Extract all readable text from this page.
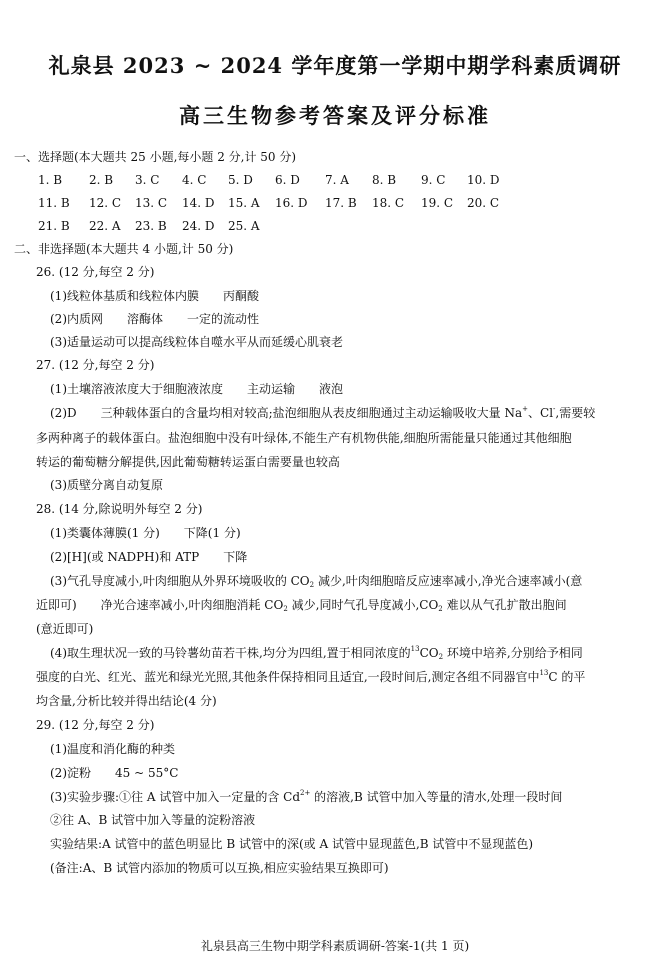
礼泉县 2023 ~ 2024 学年度第一学期中期学科素质调研
高三生物参考答案及评分标准
一、选择题(本大题共 25 小题,每小题 2 分,计 50 分)
1. B 2. B 3. C 4. C 5. D 6. D 7. A 8. B 9. C 10. D
11. B 12. C 13. C 14. D 15. A 16. D 17. B 18. C 19. C 20. C
21. B 22. A 23. B 24. D 25. A
二、非选择题(本大题共 4 小题,计 50 分)
26. (12 分,每空 2 分)
(1)线粒体基质和线粒体内膜　　丙酮酸
(2)内质网　　溶酶体　　一定的流动性
(3)适量运动可以提高线粒体自噬水平从而延缓心肌衰老
27. (12 分,每空 2 分)
(1)土壤溶液浓度大于细胞液浓度　　主动运输　　液泡
(2)D　　三种载体蛋白的含量均相对较高;盐泡细胞从表皮细胞通过主动运输吸收大量 Na+、Cl-,需要较
多两种离子的载体蛋白。盐泡细胞中没有叶绿体,不能生产有机物供能,细胞所需能量只能通过其他细胞
转运的葡萄糖分解提供,因此葡萄糖转运蛋白需要量也较高
(3)质壁分离自动复原
28. (14 分,除说明外每空 2 分)
(1)类囊体薄膜(1 分)　　下降(1 分)
(2)[H](或 NADPH)和 ATP　　下降
(3)气孔导度减小,叶肉细胞从外界环境吸收的 $CO_2$ 减少,叶肉细胞暗反应速率减小,净光合速率减小(意
近即可)　　净光合速率减小,叶肉细胞消耗 $CO_2$ 减少,同时气孔导度减小$,CO_2$ 难以从气孔扩散出胞间
(意近即可)
(4)取生理状况一致的马铃薯幼苗若干株,均分为四组,置于相同浓度的$^{13}CO_2$ 环境中培养,分别给予相同
强度的白光、红光、蓝光和绿光光照,其他条件保持相同且适宜,一段时间后,测定各组不同器官中$^{13}$C 的平
均含量,分析比较并得出结论(4 分)
29. (12 分,每空 2 分)
(1)温度和消化酶的种类
(2)淀粉　　45 ~ 55°C
(3)实验步骤:①往 A 试管中加入一定量的含 $Cd^{2+}$ 的溶液,B 试管中加入等量的清水,处理一段时间
②往 A、B 试管中加入等量的淀粉溶液
实验结果:A 试管中的蓝色明显比 B 试管中的深(或 A 试管中显现蓝色,B 试管中不显现蓝色)
(备注:A、B 试管内添加的物质可以互换,相应实验结果互换即可)
礼泉县高三生物中期学科素质调研-答案-1(共 1 页)
